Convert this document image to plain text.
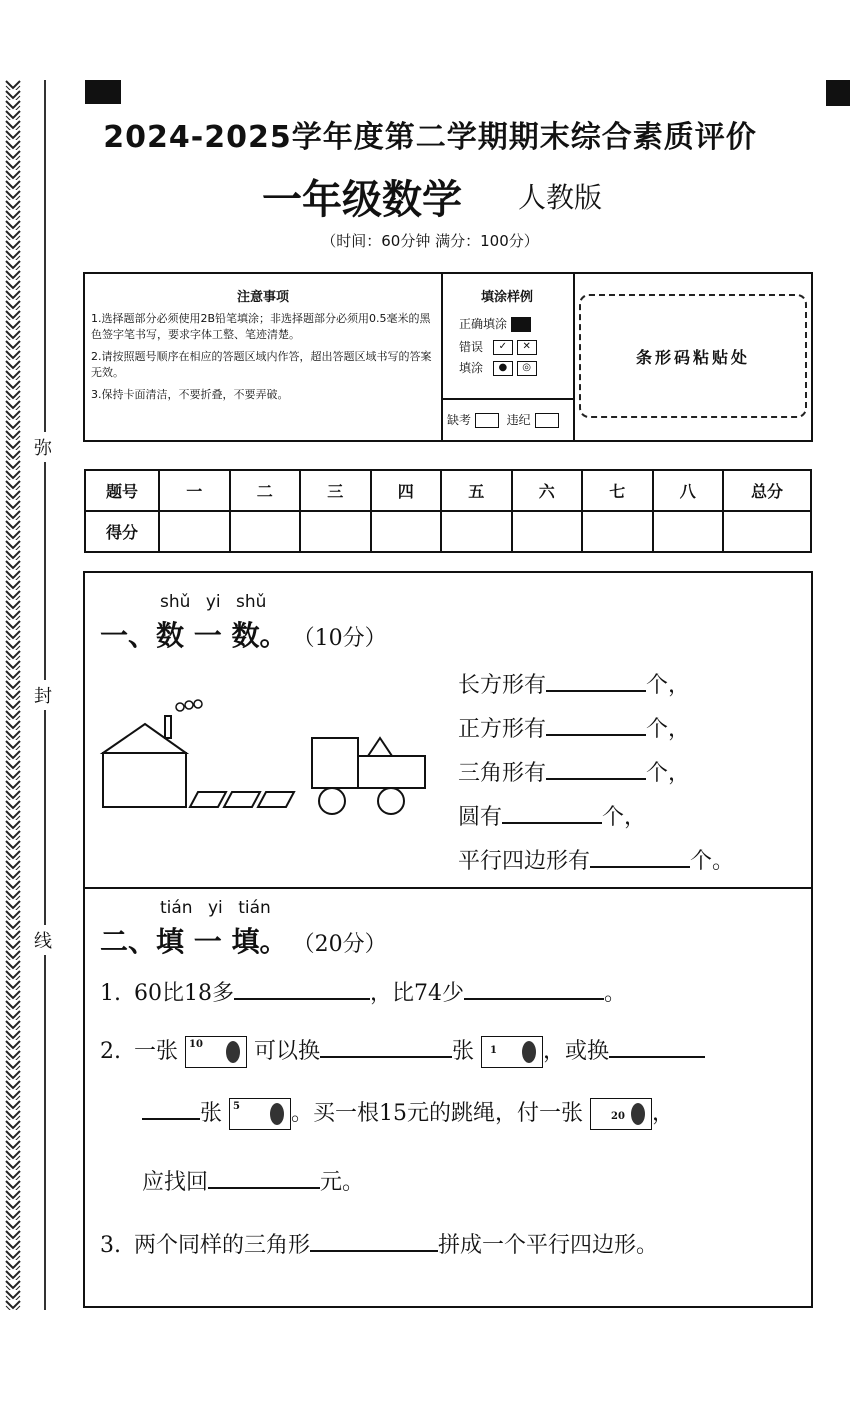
弥
封
线
2024-2025学年度第二学期期末综合素质评价
一年级数学 人教版
（时间：60分钟 满分：100分）
注意事项
1.选择题部分必须使用2B铅笔填涂；非选择题部分必须用0.5毫米的黑色签字笔书写，要求字体工整、笔迹清楚。
2.请按照题号顺序在相应的答题区域内作答，超出答题区域书写的答案无效。
3.保持卡面清洁，不要折叠，不要弄破。
填涂样例
正确填涂
错误 ✓ ✕
填涂 ● ◎
缺考	违纪
条形码粘贴处
题号	一	二	三	四	五	六	七	八	总分
得分									
shǔ yi shǔ
一、数 一 数。 （10分）
长方形有	个，
正方形有	个，
三角形有	个，
圆有	个，
平行四边形有	个。
tián yi tián
二、填 一 填。 （20分）
1. 60比18多	，比74少	。
2. 一张 10 可以换	张 1 ，或换
张 5 。买一根15元的跳绳，付一张	20 ，
应找回	元。
3. 两个同样的三角形	拼成一个平行四边形。
